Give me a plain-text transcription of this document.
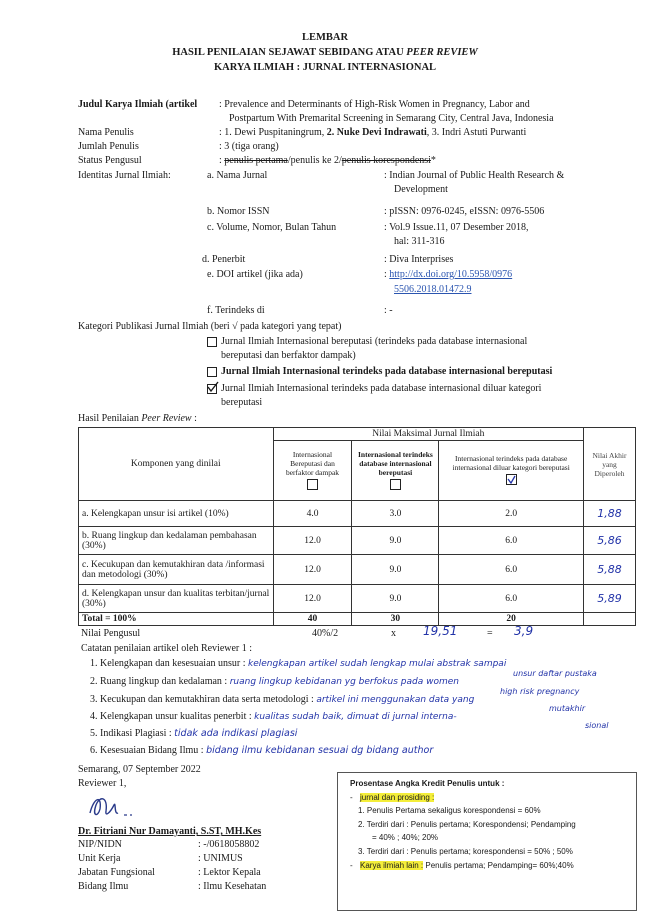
LEMBAR
HASIL PENILAIAN SEJAWAT SEBIDANG ATAU PEER REVIEW
KARYA ILMIAH : JURNAL INTERNASIONAL
Judul Karya Ilmiah (artikel : Prevalence and Determinants of High-Risk Women in Pregnancy, Labor and
Postpartum With Premarital Screening in Semarang City, Central Java, Indonesia
Nama Penulis	: 1. Dewi Puspitaningrum, 2. Nuke Devi Indrawati, 3. Indri Astuti Purwanti
Jumlah Penulis	: 3 (tiga orang)
Status Pengusul	: penulis pertama/penulis ke 2/penulis korespondensi*
Identitas Jurnal Ilmiah:	a. Nama Jurnal	: Indian Journal of Public Health Research &
Development
b. Nomor ISSN	: pISSN: 0976-0245, eISSN: 0976-5506
c. Volume, Nomor, Bulan Tahun	: Vol.9 Issue.11, 07 Desember 2018,
hal: 311-316
d. Penerbit	: Diva Interprises
e. DOI artikel (jika ada)	: http://dx.doi.org/10.5958/0976
5506.2018.01472.9
f. Terindeks di	: -
Kategori Publikasi Jurnal Ilmiah (beri √ pada kategori yang tepat)
Jurnal Ilmiah Internasional bereputasi (terindeks pada database internasional
bereputasi dan berfaktor dampak)
Jurnal Ilmiah Internasional terindeks pada database internasional bereputasi
Jurnal Ilmiah Internasional terindeks pada database internasional diluar kategori
bereputasi
Hasil Penilaian Peer Review :
Komponen yang dinilai	Nilai Maksimal Jurnal Ilmiah			Nilai Akhir yang Diperoleh

	Internasional Bereputasi dan berfaktor dampak	Internasional terindeks database internasional bereputasi	Internasional terindeks pada database internasional diluar kategori bereputasi	

a. Kelengkapan unsur isi artikel (10%)	4.0	3.0	2.0	1,88
b. Ruang lingkup dan kedalaman pembahasan (30%)	12.0	9.0	6.0	5,86
c. Kecukupan dan kemutakhiran data /informasi dan metodologi (30%)	12.0	9.0	6.0	5,88
d. Kelengkapan unsur dan kualitas terbitan/jurnal (30%)	12.0	9.0	6.0	5,89
Total = 100%	40	30	20	
Nilai Pengusul	40%/2	x 19,51	= 3,9
Catatan penilaian artikel oleh Reviewer 1 :
1. Kelengkapan dan kesesuaian unsur : kelengkapan artikel sudah lengkap mulai abstrak sampai
unsur daftar pustaka
2. Ruang lingkup dan kedalaman : ruang lingkup kebidanan yg berfokus pada women
high risk pregnancy
3. Kecukupan dan kemutakhiran data serta metodologi : artikel ini menggunakan data yang
mutakhir
4. Kelengkapan unsur kualitas penerbit : kualitas sudah baik, dimuat di jurnal interna-
sional
5. Indikasi Plagiasi : tidak ada indikasi plagiasi
6. Kesesuaian Bidang Ilmu : bidang ilmu kebidanan sesuai dg bidang author
Semarang, 07 September 2022
Reviewer 1,
Dr. Fitriani Nur Damayanti, S.ST, MH.Kes
NIP/NIDN	: -/0618058802
Unit Kerja	: UNIMUS
Jabatan Fungsional	: Lektor Kepala
Bidang Ilmu	: Ilmu Kesehatan
Prosentase Angka Kredit Penulis untuk :
- jurnal dan prosiding :
1. Penulis Pertama sekaligus korespondensi = 60%
2. Terdiri dari : Penulis pertama; Korespondensi; Pendamping
= 40% ; 40%; 20%
3. Terdiri dari : Penulis pertama; korespondensi = 50% ; 50%
- Karya ilmiah lain : Penulis pertama; Pendamping= 60%;40%
